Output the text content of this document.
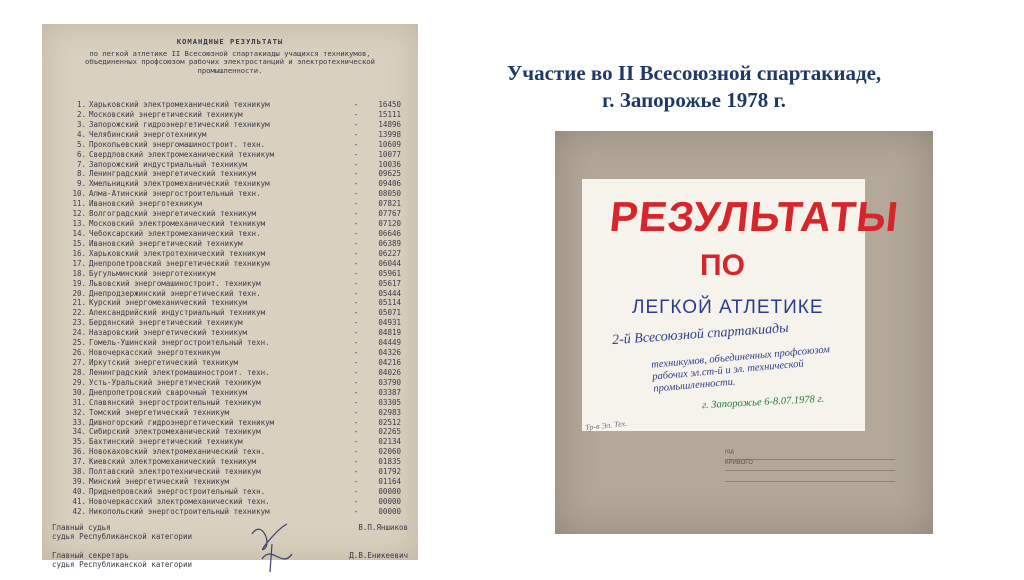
Участие во II Всесоюзной спартакиаде,
г. Запорожье 1978 г.
КОМАНДНЫЕ РЕЗУЛЬТАТЫ
по легкой атлетике II Всесоюзной спартакиады учащихся техникумов, объединенных профсоюзом рабочих электростанций и электротехнической промышленности.
1. Харьковский электромеханический техникум	-	16450
2. Московский энергетический техникум	-	15111
3. Запорожский гидроэнергетический техникум	-	14896
4. Челябинский энерготехникум	-	13998
5. Прокопьевский энергомашиностроит. техн.	-	10609
6. Свердловский электромеханический техникум	-	10077
7. Запорожский индустриальный техникум	-	10036
8. Ленинградский энергетический техникум	-	09625
9. Хмельницкий электромеханический техникум	-	09406
10. Алма-Атинский энергостроительный техн.	-	08050
11. Ивановский энерготехникум	-	07821
12. Волгоградский энергетический техникум	-	07767
13. Московский электромеханический техникум	-	07120
14. Чебоксарский электромеханический техн.	-	06646
15. Ивановский энергетический техникум	-	06389
16. Харьковский электротехнический техникум	-	06227
17. Днепропетровский энергетический техникум	-	06044
18. Бугульминский энерготехникум	-	05961
19. Львовский энергомашиностроит. техникум	-	05617
20. Днепродзержинский энергетический техн.	-	05444
21. Курский энергомеханический техникум	-	05114
22. Александрийский индустриальный техникум	-	05071
23. Бердянский энергетический техникум	-	04931
24. Назаровский энергетический техникум	-	04819
25. Гомель-Ушинский энергостроительный техн.	-	04449
26. Новочеркасский энерготехникум	-	04326
27. Иркутский энергетический техникум	-	04216
28. Ленинградский электромашиностроит. техн.	-	04026
29. Усть-Уральский энергетический техникум	-	03790
30. Днепропетровский сварочный техникум	-	03387
31. Славянский энергостроительный техникум	-	03305
32. Томский энергетический техникум	-	02983
33. Дивногорский гидроэнергетический техникум	-	02512
34. Сибирский электромеханический техникум	-	02265
35. Бахтинский энергетический техникум	-	02134
36. Новокаховский электромеханический техн.	-	02060
37. Киевский электромеханический техникум	-	01835
38. Полтавский электротехнический техникум	-	01792
39. Минский энергетический техникум	-	01164
40. Приднепровский энергостроительный техн.	-	00000
41. Новочеркасский электромеханический техн.	-	00000
42. Никопольский энергостроительный техникум	-	00000
Главный судья
судья Республиканской категории
В.П.Яншиков
Главный секретарь
судья Республиканской категории
Д.В.Еникеевич
РЕЗУЛЬТАТЫ
ПО
ЛЕГКОЙ АТЛЕТИКЕ
2-й Всесоюзной спартакиады
техникумов, объединенных профсоюзом рабочих эл.ст-й и эл. технической промышленности.
г. Запорожье 6-8.07.1978 г.
Тр-в Эл. Тех.
год
КРИВОГО
